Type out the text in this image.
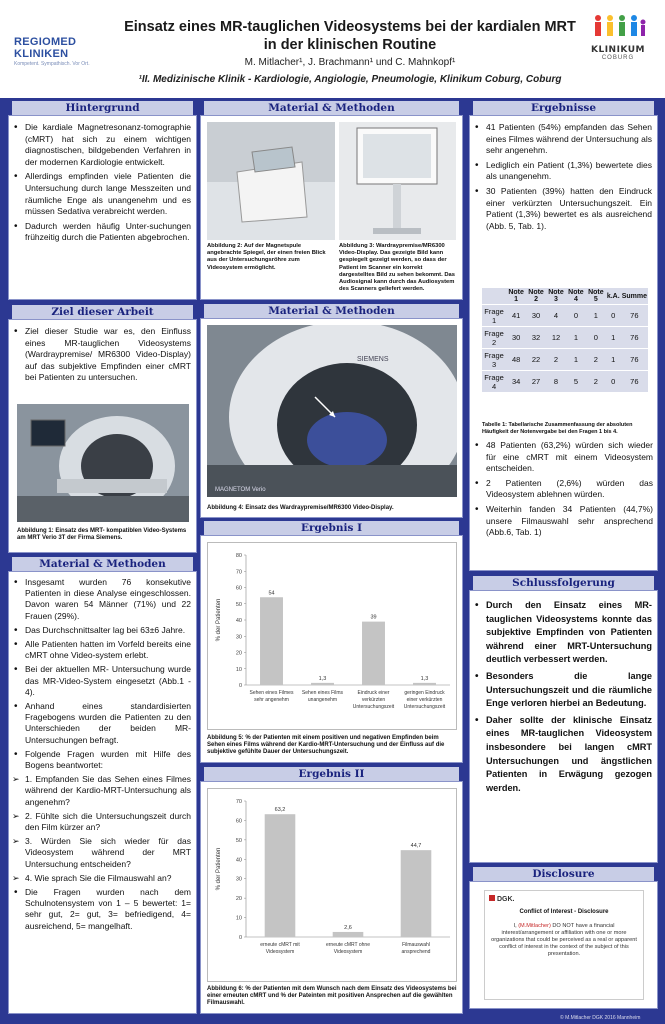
REGIOMED KLINIKEN
Kompetent. Sympathisch. Vor Ort.
Einsatz eines MR-tauglichen Videosystems bei der kardialen MRT
in der klinischen Routine
M. Mitlacher¹, J. Brachmann¹ und C. Mahnkopf¹
¹II. Medizinische Klinik - Kardiologie, Angiologie, Pneumologie, Klinikum Coburg, Coburg
KLINIKUM
COBURG
Hintergrund
• Die kardiale Magnetresonanz-tomographie (cMRT) hat sich zu einem wichtigen diagnostischen, bildgebenden Verfahren in der modernen Kardiologie entwickelt.
• Allerdings empfinden viele Patienten die Untersuchung durch lange Messzeiten und räumliche Enge als unangenehm und es müssen Sedativa verabreicht werden.
• Dadurch werden häufig Unter-suchungen frühzeitig durch die Patienten abgebrochen.
Ziel dieser Arbeit
• Ziel dieser Studie war es, den Einfluss eines MR-tauglichen Videosystems (Wardraypremise/ MR6300 Video-Display) auf das subjektive Empfinden einer cMRT bei Patienten zu untersuchen.
Abbildung 1: Einsatz des MRT- kompatiblen Video-Systems am MRT Verio 3T der Firma Siemens.
Material & Methoden
• Insgesamt wurden 76 konsekutive Patienten in diese Analyse eingeschlossen. Davon waren 54 Männer (71%) und 22 Frauen (29%).
• Das Durchschnittsalter lag bei 63±6 Jahre.
• Alle Patienten hatten im Vorfeld bereits eine cMRT ohne Video-system erlebt.
• Bei der aktuellen MR- Untersuchung wurde das MR-Video-System eingesetzt (Abb.1 - 4).
• Anhand eines standardisierten Fragebogens wurden die Patienten zu den Unterschieden der beiden MR-Untersuchungen befragt.
• Folgende Fragen wurden mit Hilfe des Bogens beantwortet:
➢ 1. Empfanden Sie das Sehen eines Filmes während der Kardio-MRT-Untersuchung als angenehm?
➢ 2. Fühlte sich die Untersuchungszeit durch den Film kürzer an?
➢ 3. Würden Sie sich wieder für das Videosystem während der MRT Untersuchung entscheiden?
➢ 4. Wie sprach Sie die Filmauswahl an?
• Die Fragen wurden nach dem Schulnotensystem von 1 – 5 bewertet: 1= sehr gut, 2= gut, 3= befriedigend, 4= ausreichend, 5= mangelhaft.
Material & Methoden
Abbildung 2: Auf der Magnetspule angebrachte Spiegel, der einen freien Blick aus der Untersuchungsröhre zum Videosystem ermöglicht.
Abbildung 3: Wardraypremise/MR6300 Video-Display. Das gezeigte Bild kann gespiegelt gezeigt werden, so dass der Patient im Scanner ein korrekt dargestelltes Bild zu sehen bekommt. Das Audiosignal kann durch das Audiosystem des Scanners geliefert werden.
Material & Methoden
SIEMENS
MAGNETOM Verio
Abbildung 4: Einsatz des Wardraypremise/MR6300 Video-Display.
Ergebnis I
0
10
20
30
40
50
60
70
80
% der Patienten
54
Sehen eines Filmes
sehr angenehm
1,3
Sehen eines Films
unangenehm
39
Eindruck einer
verkürzten
Untersuchungszeit
1,3
geringen Eindruck
einer verkürzten
Untersuchungszeit
Abbildung 5: % der Patienten mit einem positiven und negativen Empfinden beim Sehen eines Films während der Kardio-MRT-Untersuchung und der Einfluss auf die subjektive gefühlte Dauer der Untersuchungszeit.
Ergebnis II
0
10
20
30
40
50
60
70
% der Patienten
63,2
erneute cMRT mit
Videosystem
2,6
erneute cMRT ohne
Videosystem
44,7
Filmauswahl
ansprechend
Abbildung 6: % der Patienten mit dem Wunsch nach dem Einsatz des Videosystems bei einer erneuten cMRT und % der Pateinten mit positiven Ansprechen auf die gewählten Filmauswahl.
Ergebnisse
• 41 Patienten (54%) empfanden das Sehen eines Filmes während der Untersuchung als sehr angenehm.
• Lediglich ein Patient (1,3%) bewertete dies als unangenehm.
• 30 Patienten (39%) hatten den Eindruck einer verkürzten Untersuchungszeit. Ein Patient (1,3%) bewertet es als ausreichend (Abb. 5, Tab. 1).
	Note 1	Note 2	Note 3	Note 4	Note 5	k.A.	Summe
Frage 1	41	30	4	0	1	0	76
Frage 2	30	32	12	1	0	1	76
Frage 3	48	22	2	1	2	1	76
Frage 4	34	27	8	5	2	0	76
Tabelle 1: Tabellarische Zusammenfassung der absoluten Häufigkeit der Notenvergabe bei den Fragen 1 bis 4.
• 48 Patienten (63,2%) würden sich wieder für eine cMRT mit einem Videosystem entscheiden.
• 2 Patienten (2,6%) würden das Videosystem ablehnen würden.
• Weiterhin fanden 34 Patienten (44,7%) unsere Filmauswahl sehr ansprechend (Abb.6, Tab. 1)
Schlussfolgerung
• Durch den Einsatz eines MR-tauglichen Videosystems konnte das subjektive Empfinden von Patienten während einer MRT-Untersuchung deutlich verbessert werden.
• Besonders die lange Untersuchungszeit und die räumliche Enge verloren hierbei an Bedeutung.
• Daher sollte der klinische Einsatz eines MR-tauglichen Videosystem insbesondere bei langen cMRT Untersuchungen und ängstlichen Patienten in Erwägung gezogen werden.
Disclosure
DGK.
Conflict of Interest - Disclosure
I, (M.Mitlacher) DO NOT have a financial interest/arrangement or affiliation with one or more organizations that could be perceived as a real or apparent conflict of interest in the context of the subject of this presentation.
© M.Mitlacher DGK 2016 Mannheim
